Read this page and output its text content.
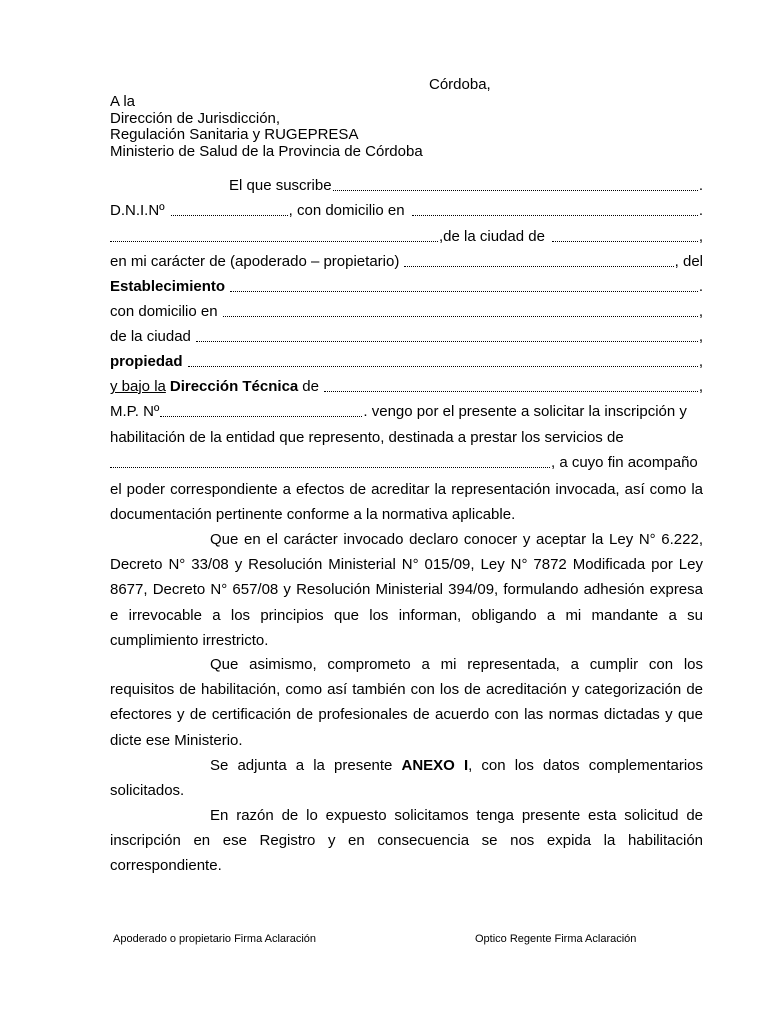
Córdoba,
A la
Dirección de Jurisdicción,
Regulación Sanitaria y RUGEPRESA
Ministerio de Salud de la Provincia de Córdoba
El que suscribe	.
D.N.I.Nº	, con domicilio en	.
,de la ciudad de	,
en mi carácter de (apoderado – propietario)	, del
Establecimiento	.
con domicilio en	,
de la ciudad	,
propiedad	,
y bajo la Dirección Técnica de	,
M.P. Nº	. vengo por el presente a solicitar la inscripción y
habilitación de la entidad que represento, destinada a prestar los servicios de
, a cuyo fin acompaño
el poder correspondiente a efectos de acreditar la representación invocada, así como la documentación pertinente conforme a la normativa aplicable.
Que en el carácter invocado declaro conocer y aceptar la Ley N° 6.222, Decreto N° 33/08 y Resolución Ministerial N° 015/09, Ley N° 7872 Modificada por Ley 8677, Decreto N° 657/08 y Resolución Ministerial 394/09, formulando adhesión expresa e irrevocable a los principios que los informan, obligando a mi mandante a su cumplimiento irrestricto.
Que asimismo, comprometo a mi representada, a cumplir con los requisitos de habilitación, como así también con los de acreditación y categorización de efectores y de certificación de profesionales de acuerdo con las normas dictadas y que dicte ese Ministerio.
Se adjunta a la presente ANEXO I, con los datos complementarios solicitados.
En razón de lo expuesto solicitamos tenga presente esta solicitud de inscripción en ese Registro y en consecuencia se nos expida la habilitación correspondiente.
Apoderado o propietario Firma Aclaración	Optico Regente Firma Aclaración
